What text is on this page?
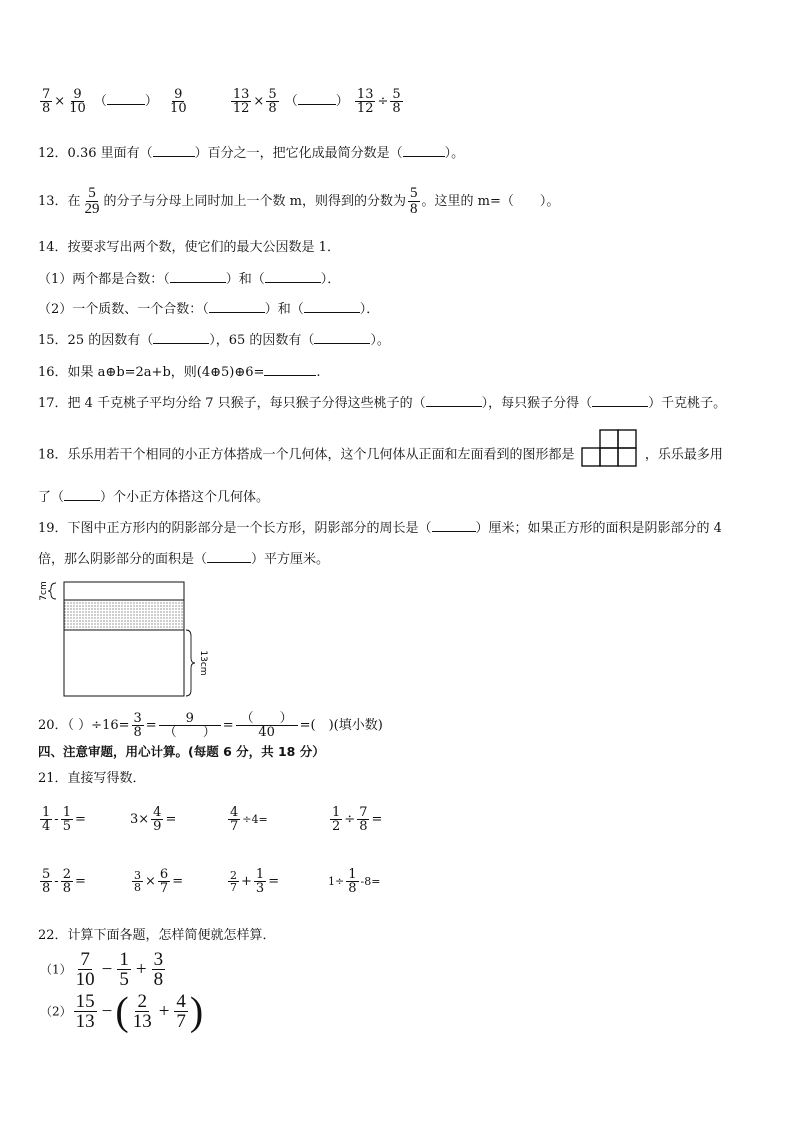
$\frac{7}{8} \times \frac{9}{10}$ （	） $\frac{9}{10}$
	$\frac{13}{12} \times \frac{5}{8}$ （	） $\frac{13}{12} \div \frac{5}{8}$
12．0.36 里面有（	）百分之一，把它化成最简分数是（	）。
13．在 $\frac{5}{29}$ 的分子与分母上同时加上一个数 m，则得到的分数为 $\frac{5}{8}$ 。这里的 m=（　　）。
14．按要求写出两个数，使它们的最大公因数是 1．
（1）两个都是合数：（	）和（	）．
（2）一个质数、一个合数：（	）和（	）．
15．25 的因数有（	），65 的因数有（	）。
16．如果 a⊕b=2a+b，则(4⊕5)⊕6=	.
17．把 4 千克桃子平均分给 7 只猴子，每只猴子分得这些桃子的（	），每只猴子分得（	）千克桃子。
18．乐乐用若干个相同的小正方体搭成一个几何体，这个几何体从正面和左面看到的图形都是	，乐乐最多用
了（	）个小正方体搭这个几何体。
19．下图中正方形内的阴影部分是一个长方形，阴影部分的周长是（	）厘米；如果正方形的面积是阴影部分的 4
倍，那么阴影部分的面积是（	）平方厘米。
7cm
13cm
20．（ ）$\div 16= \frac{3}{8}$ =	9
（　　） = （　　）
40 =(　)(填小数)
四、注意审题，用心计算。(每题 6 分，共 18 分）
21．直接写得数．
$\frac{1}{4} - \frac{1}{5}$ =	$3\times \frac{4}{9}$ =	$\frac{4}{7} \div 4=$	$\frac{1}{2} \div \frac{7}{8}$ =
$\frac{5}{8} - \frac{2}{8}$ =	$\frac{3}{8} \times \frac{6}{7}$ =	$\frac{2}{7} + \frac{1}{3}$ =	$1\div \frac{1}{8} -8=$
22．计算下面各题，怎样简便就怎样算．
$(1) \frac{7}{10} - \frac{1}{5} + \frac{3}{8}$
$(2) \frac{15}{13}$ −( $\frac{2}{13} + \frac{4}{7}$ )
